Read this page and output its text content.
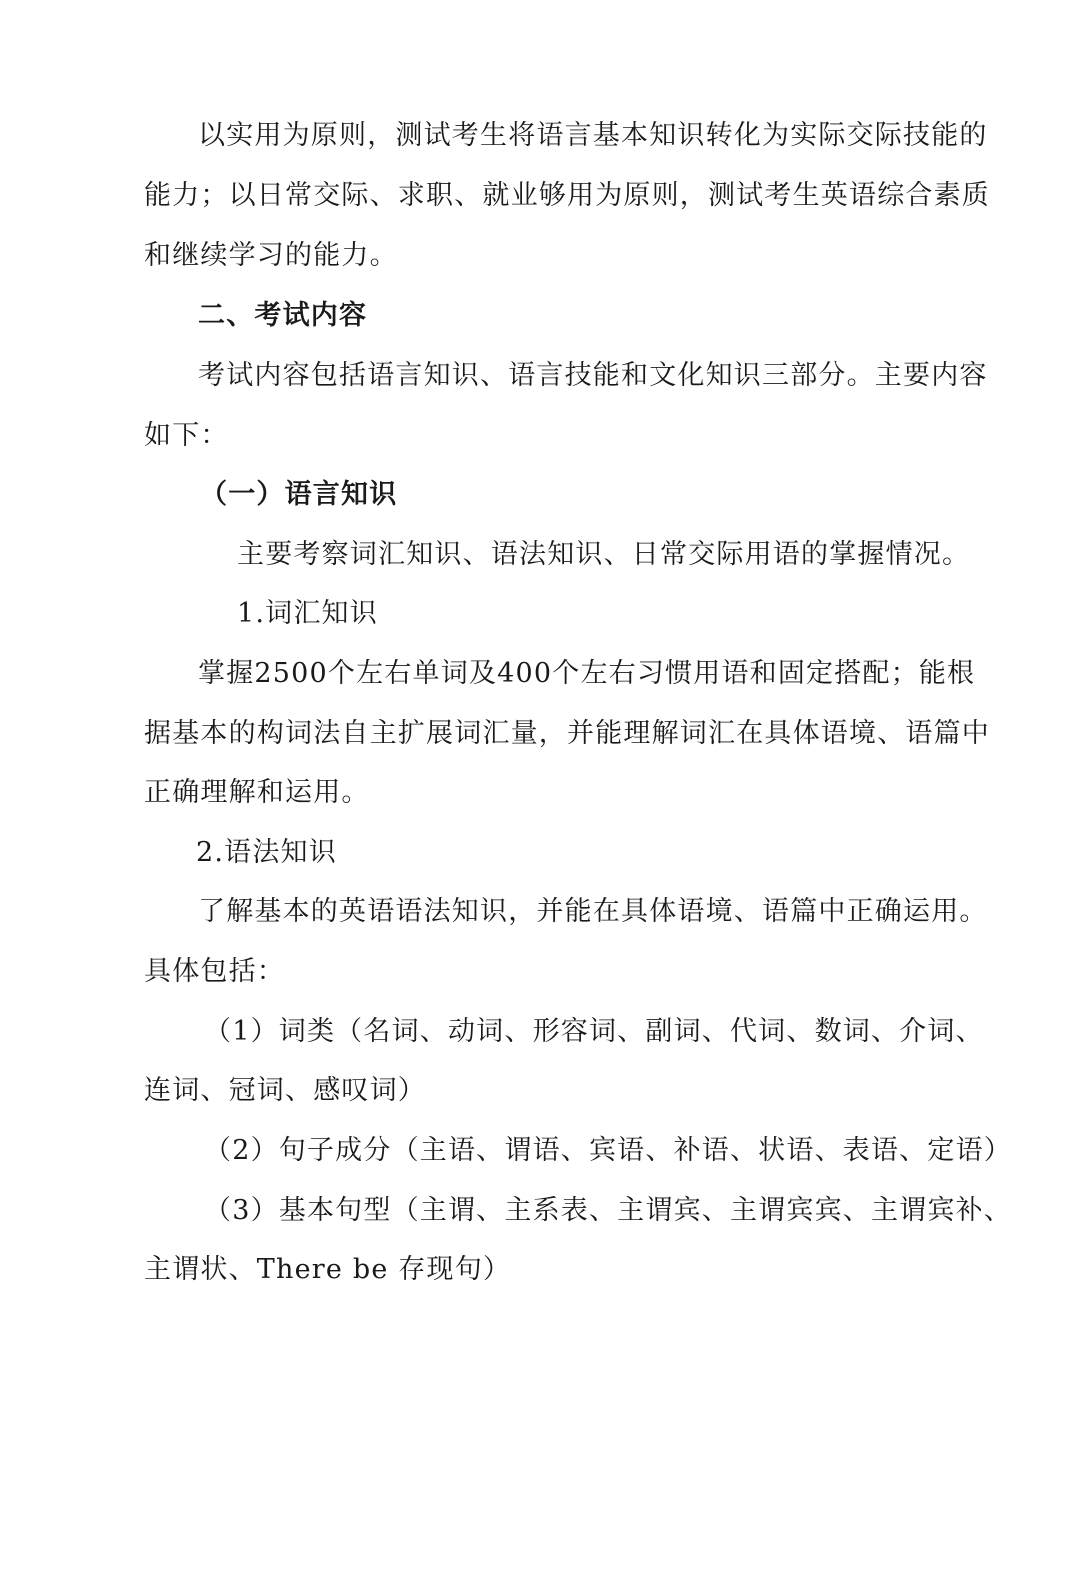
以实用为原则，测试考生将语言基本知识转化为实际交际技能的
能力；以日常交际、求职、就业够用为原则，测试考生英语综合素质
和继续学习的能力。
二、考试内容
考试内容包括语言知识、语言技能和文化知识三部分。主要内容
如下：
（一）语言知识
主要考察词汇知识、语法知识、日常交际用语的掌握情况。
1.词汇知识
掌握2500个左右单词及400个左右习惯用语和固定搭配；能根
据基本的构词法自主扩展词汇量，并能理解词汇在具体语境、语篇中
正确理解和运用。
2.语法知识
了解基本的英语语法知识，并能在具体语境、语篇中正确运用。
具体包括：
（1）词类（名词、动词、形容词、副词、代词、数词、介词、
连词、冠词、感叹词）
（2）句子成分（主语、谓语、宾语、补语、状语、表语、定语）
（3）基本句型（主谓、主系表、主谓宾、主谓宾宾、主谓宾补、
主谓状、There be 存现句）
